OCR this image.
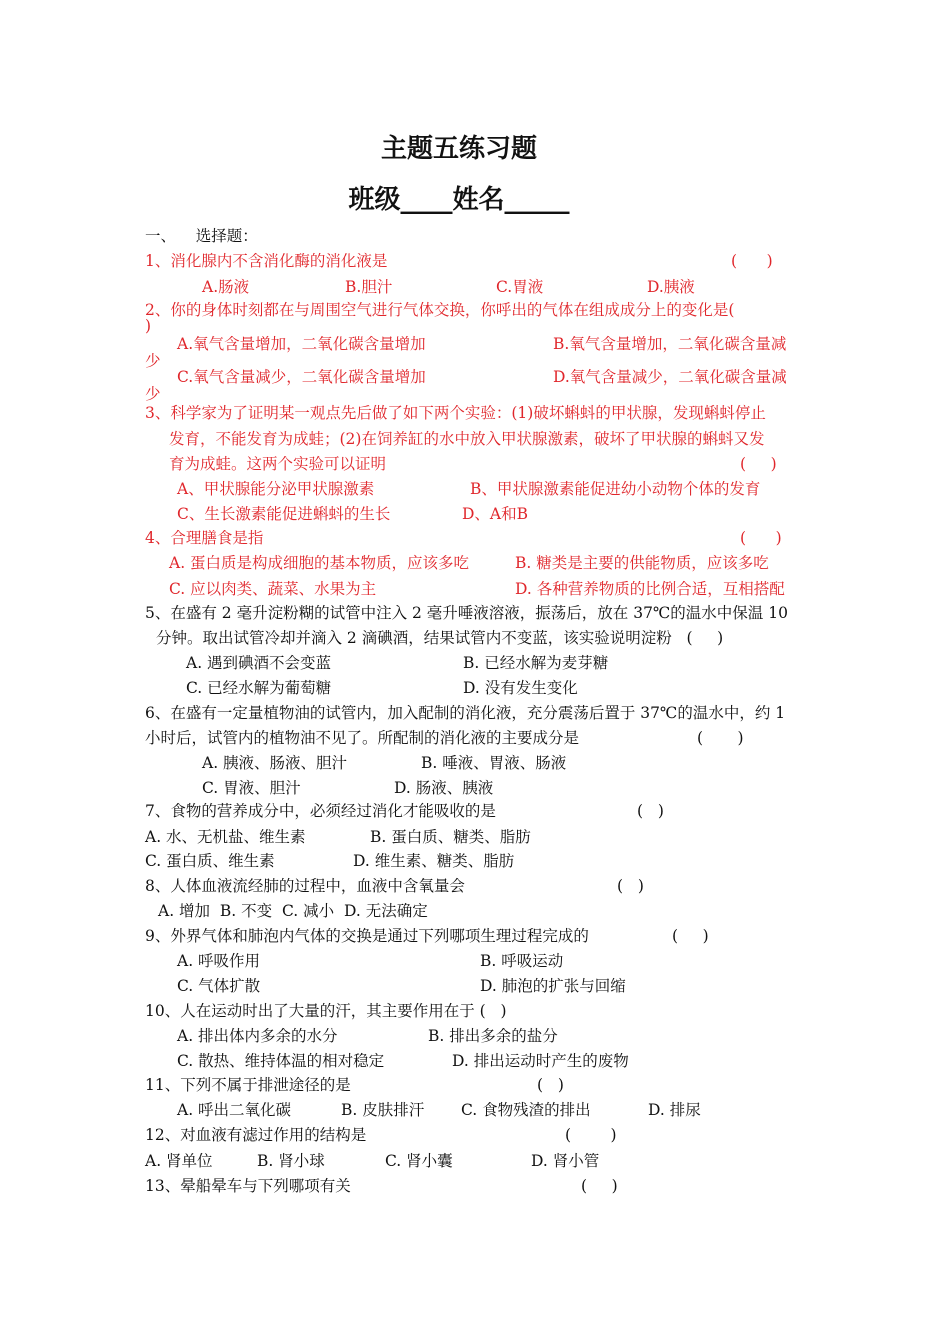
主题五练习题
班级____姓名_____
一、    选择题：
1、消化腺内不含消化酶的消化液是	(      )
A.肠液	B.胆汁	C.胃液	D.胰液
2、你的身体时刻都在与周围空气进行气体交换，你呼出的气体在组成成分上的变化是(
)
A.氧气含量增加，二氧化碳含量增加	B.氧气含量增加，二氧化碳含量减
少
C.氧气含量减少，二氧化碳含量增加	D.氧气含量减少，二氧化碳含量减
少
3、科学家为了证明某一观点先后做了如下两个实验：(1)破坏蝌蚪的甲状腺，发现蝌蚪停止
发育，不能发育为成蛙；(2)在饲养缸的水中放入甲状腺激素，破坏了甲状腺的蝌蚪又发
育为成蛙。这两个实验可以证明	(     )
A、甲状腺能分泌甲状腺激素	B、甲状腺激素能促进幼小动物个体的发育
C、生长激素能促进蝌蚪的生长	D、A和B
4、合理膳食是指	(      )
A. 蛋白质是构成细胞的基本物质，应该多吃	B. 糖类是主要的供能物质，应该多吃
C. 应以肉类、蔬菜、水果为主	D. 各种营养物质的比例合适，互相搭配
5、在盛有 2 毫升淀粉糊的试管中注入 2 毫升唾液溶液，振荡后，放在 37℃的温水中保温 10
分钟。取出试管冷却并滴入 2 滴碘酒，结果试管内不变蓝，该实验说明淀粉   (     )
A. 遇到碘酒不会变蓝	B. 已经水解为麦芽糖
C. 已经水解为葡萄糖	D. 没有发生变化
6、在盛有一定量植物油的试管内，加入配制的消化液，充分震荡后置于 37℃的温水中，约 1
小时后，试管内的植物油不见了。所配制的消化液的主要成分是	(       )
A. 胰液、肠液、胆汁	B. 唾液、胃液、肠液
C. 胃液、胆汁	D. 肠液、胰液
7、食物的营养成分中，必须经过消化才能吸收的是	(   )
A. 水、无机盐、维生素	B. 蛋白质、糖类、脂肪
C. 蛋白质、维生素	D. 维生素、糖类、脂肪
8、人体血液流经肺的过程中，血液中含氧量会	(   )
A. 增加  B. 不变  C. 减小  D. 无法确定
9、外界气体和肺泡内气体的交换是通过下列哪项生理过程完成的	(     )
A. 呼吸作用	B. 呼吸运动
C. 气体扩散	D. 肺泡的扩张与回缩
10、人在运动时出了大量的汗，其主要作用在于 (   )
A. 排出体内多余的水分	B. 排出多余的盐分
C. 散热、维持体温的相对稳定	D. 排出运动时产生的废物
11、下列不属于排泄途径的是	(   )
A. 呼出二氧化碳	B. 皮肤排汗 C. 食物残渣的排出	D. 排尿
12、对血液有滤过作用的结构是	(        )
A. 肾单位	B. 肾小球	C. 肾小囊	D. 肾小管
13、晕船晕车与下列哪项有关	(     )
